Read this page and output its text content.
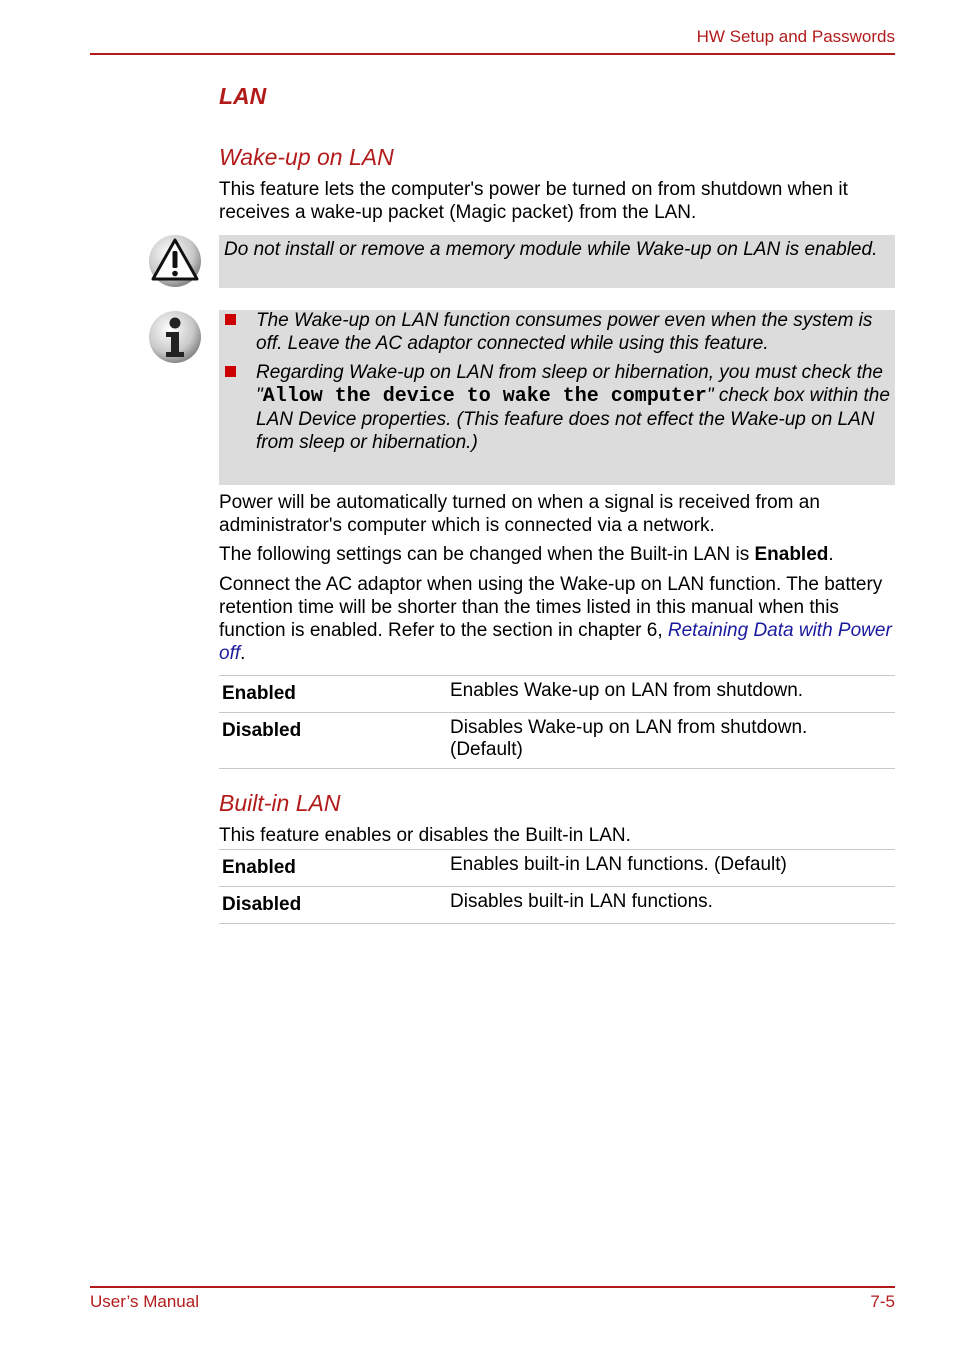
HW Setup and Passwords
LAN
Wake-up on LAN
This feature lets the computer's power be turned on from shutdown when it receives a wake-up packet (Magic packet) from the LAN.
Do not install or remove a memory module while Wake-up on LAN is enabled.
The Wake-up on LAN function consumes power even when the system is off. Leave the AC adaptor connected while using this feature.
Regarding Wake-up on LAN from sleep or hibernation, you must check the "Allow the device to wake the computer" check box within the LAN Device properties. (This feafure does not effect the Wake-up on LAN from sleep or hibernation.)
Power will be automatically turned on when a signal is received from an administrator's computer which is connected via a network.
The following settings can be changed when the Built-in LAN is Enabled.
Connect the AC adaptor when using the Wake-up on LAN function. The battery retention time will be shorter than the times listed in this manual when this function is enabled. Refer to the section in chapter 6, Retaining Data with Power off.
Enabled	Enables Wake-up on LAN from shutdown.
Disabled	Disables Wake-up on LAN from shutdown. (Default)
Built-in LAN
This feature enables or disables the Built-in LAN.
Enabled	Enables built-in LAN functions. (Default)
Disabled	Disables built-in LAN functions.
User’s Manual	7-5
